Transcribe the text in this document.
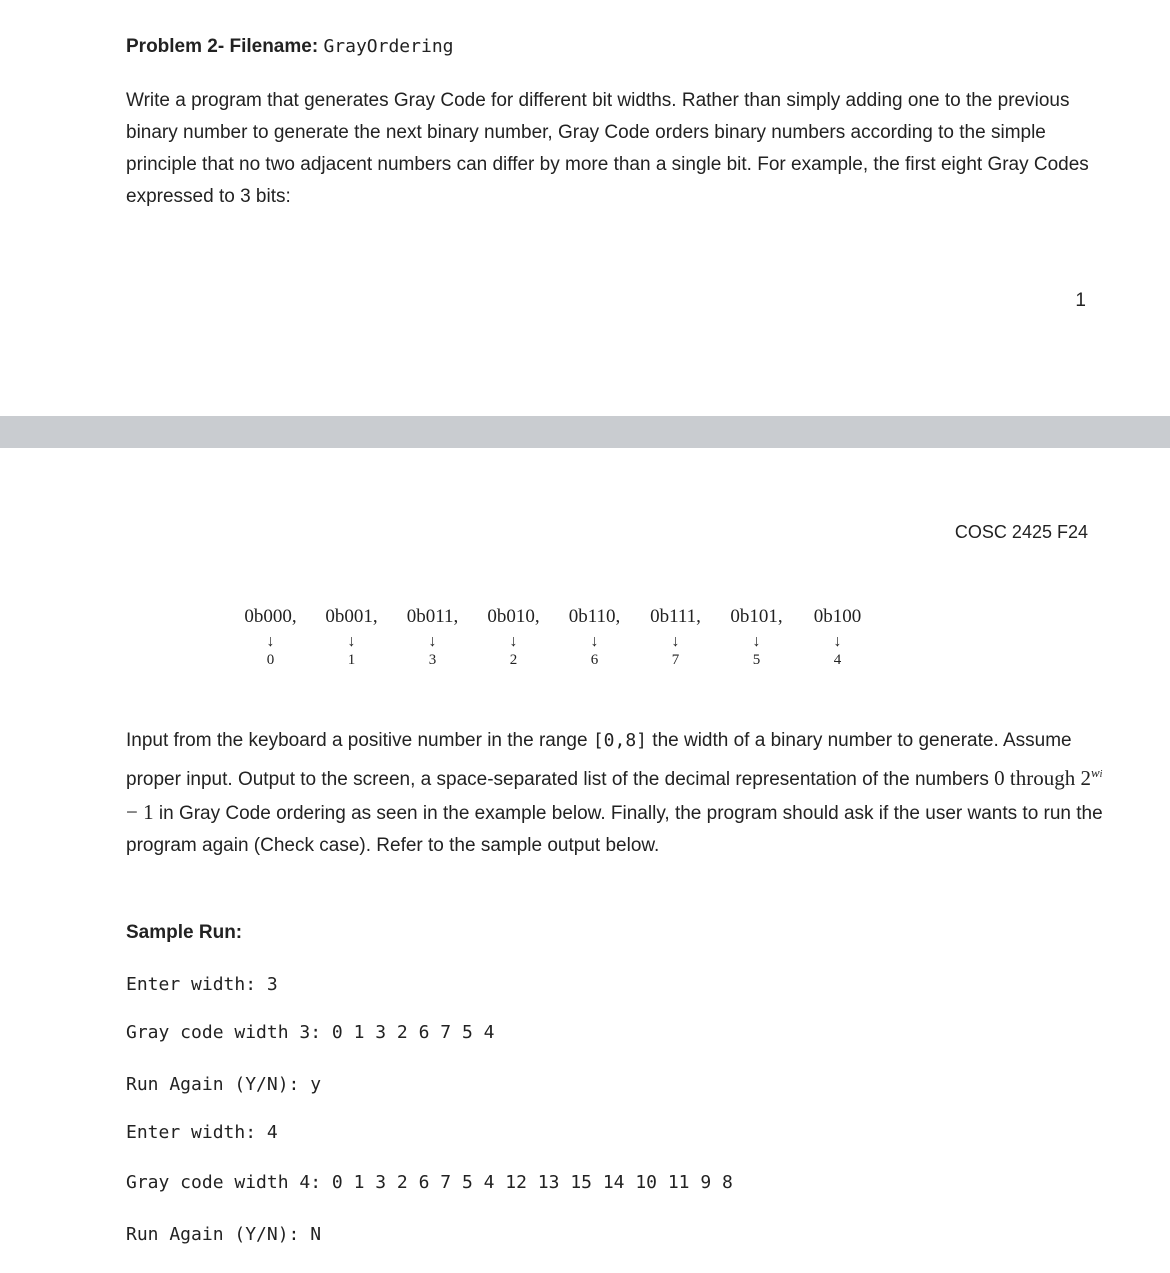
Problem 2- Filename: GrayOrdering
Write a program that generates Gray Code for different bit widths. Rather than simply adding one to the previous binary number to generate the next binary number, Gray Code orders binary numbers according to the simple principle that no two adjacent numbers can differ by more than a single bit. For example, the first eight Gray Codes expressed to 3 bits:
1
COSC 2425 F24
0b000,
↓
0
0b001,
↓
1
0b011,
↓
3
0b010,
↓
2
0b110,
↓
6
0b111,
↓
7
0b101,
↓
5
0b100
↓
4
Input from the keyboard a positive number in the range [0,8] the width of a binary number to generate. Assume proper input. Output to the screen, a space-separated list of the decimal representation of the numbers 0 through $2^{wi} - 1$ in Gray Code ordering as seen in the example below. Finally, the program should ask if the user wants to run the program again (Check case). Refer to the sample output below.
Sample Run:
Enter width: 3
Gray code width 3: 0 1 3 2 6 7 5 4
Run Again (Y/N): y
Enter width: 4
Gray code width 4: 0 1 3 2 6 7 5 4 12 13 15 14 10 11 9 8
Run Again (Y/N): N
